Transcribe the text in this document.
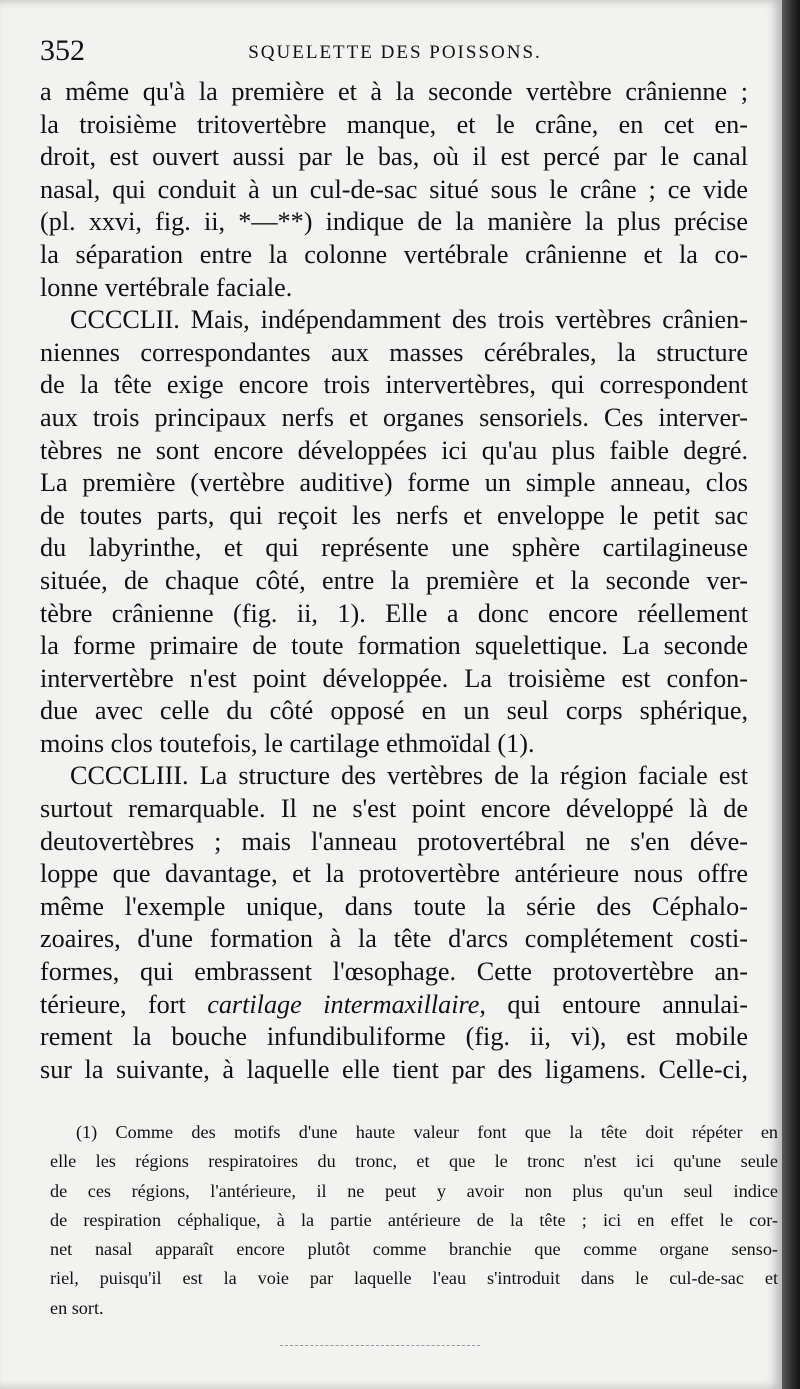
352	SQUELETTE DES POISSONS.
a même qu'à la première et à la seconde vertèbre crânienne ;
la troisième tritovertèbre manque, et le crâne, en cet en-
droit, est ouvert aussi par le bas, où il est percé par le canal
nasal, qui conduit à un cul-de-sac situé sous le crâne ; ce vide
(pl. xxvi, fig. ii, *—**) indique de la manière la plus précise
la séparation entre la colonne vertébrale crânienne et la co-
lonne vertébrale faciale.
CCCCLII. Mais, indépendamment des trois vertèbres crânien-
niennes correspondantes aux masses cérébrales, la structure
de la tête exige encore trois intervertèbres, qui correspondent
aux trois principaux nerfs et organes sensoriels. Ces interver-
tèbres ne sont encore développées ici qu'au plus faible degré.
La première (vertèbre auditive) forme un simple anneau, clos
de toutes parts, qui reçoit les nerfs et enveloppe le petit sac
du labyrinthe, et qui représente une sphère cartilagineuse
située, de chaque côté, entre la première et la seconde ver-
tèbre crânienne (fig. ii, 1). Elle a donc encore réellement
la forme primaire de toute formation squelettique. La seconde
intervertèbre n'est point développée. La troisième est confon-
due avec celle du côté opposé en un seul corps sphérique,
moins clos toutefois, le cartilage ethmoïdal (1).
CCCCLIII. La structure des vertèbres de la région faciale est
surtout remarquable. Il ne s'est point encore développé là de
deutovertèbres ; mais l'anneau protovertébral ne s'en déve-
loppe que davantage, et la protovertèbre antérieure nous offre
même l'exemple unique, dans toute la série des Céphalo-
zoaires, d'une formation à la tête d'arcs complétement costi-
formes, qui embrassent l'œsophage. Cette protovertèbre an-
térieure, fort cartilage intermaxillaire, qui entoure annulai-
rement la bouche infundibuliforme (fig. ii, vi), est mobile
sur la suivante, à laquelle elle tient par des ligamens. Celle-ci,
(1) Comme des motifs d'une haute valeur font que la tête doit répéter en
elle les régions respiratoires du tronc, et que le tronc n'est ici qu'une seule
de ces régions, l'antérieure, il ne peut y avoir non plus qu'un seul indice
de respiration céphalique, à la partie antérieure de la tête ; ici en effet le cor-
net nasal apparaît encore plutôt comme branchie que comme organe senso-
riel, puisqu'il est la voie par laquelle l'eau s'introduit dans le cul-de-sac et
en sort.
